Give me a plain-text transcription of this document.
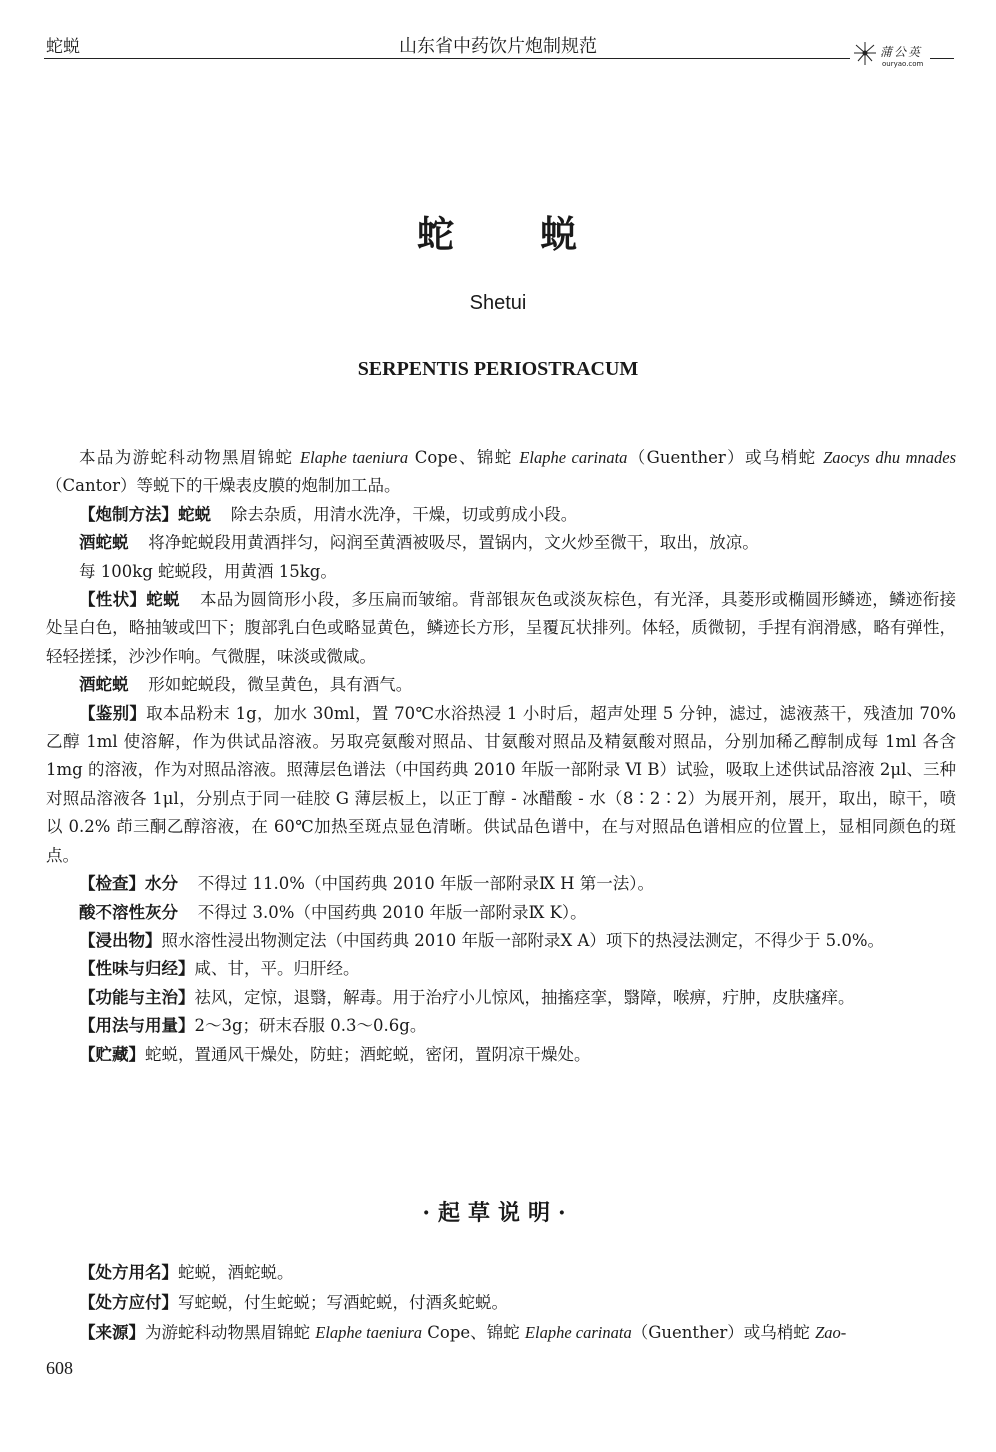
蛇蜕	山东省中药饮片炮制规范	蒲公英
ouryao.com
蛇 蜕
Shetui
SERPENTIS PERIOSTRACUM

本品为游蛇科动物黑眉锦蛇 Elaphe taeniura Cope、锦蛇 Elaphe carinata（Guenther）或乌梢蛇 Zaocys dhu mnades（Cantor）等蜕下的干燥表皮膜的炮制加工品。

【炮制方法】蛇蜕 除去杂质，用清水洗净，干燥，切或剪成小段。

酒蛇蜕 将净蛇蜕段用黄酒拌匀，闷润至黄酒被吸尽，置锅内，文火炒至微干，取出，放凉。

每 100kg 蛇蜕段，用黄酒 15kg。

【性状】蛇蜕 本品为圆筒形小段，多压扁而皱缩。背部银灰色或淡灰棕色，有光泽，具菱形或椭圆形鳞迹，鳞迹衔接处呈白色，略抽皱或凹下；腹部乳白色或略显黄色，鳞迹长方形，呈覆瓦状排列。体轻，质微韧，手捏有润滑感，略有弹性，轻轻搓揉，沙沙作响。气微腥，味淡或微咸。

酒蛇蜕 形如蛇蜕段，微呈黄色，具有酒气。

【鉴别】取本品粉末 1g，加水 30ml，置 70℃水浴热浸 1 小时后，超声处理 5 分钟，滤过，滤液蒸干，残渣加 70% 乙醇 1ml 使溶解，作为供试品溶液。另取亮氨酸对照品、甘氨酸对照品及精氨酸对照品，分别加稀乙醇制成每 1ml 各含 1mg 的溶液，作为对照品溶液。照薄层色谱法（中国药典 2010 年版一部附录 Ⅵ B）试验，吸取上述供试品溶液 2μl、三种对照品溶液各 1μl，分别点于同一硅胶 G 薄层板上，以正丁醇 - 冰醋酸 - 水（8∶2∶2）为展开剂，展开，取出，晾干，喷以 0.2% 茚三酮乙醇溶液，在 60℃加热至斑点显色清晰。供试品色谱中，在与对照品色谱相应的位置上，显相同颜色的斑点。

【检查】水分 不得过 11.0%（中国药典 2010 年版一部附录Ⅸ H 第一法）。

酸不溶性灰分 不得过 3.0%（中国药典 2010 年版一部附录Ⅸ K）。

【浸出物】照水溶性浸出物测定法（中国药典 2010 年版一部附录Ⅹ A）项下的热浸法测定，不得少于 5.0%。

【性味与归经】咸、甘，平。归肝经。

【功能与主治】祛风，定惊，退翳，解毒。用于治疗小儿惊风，抽搐痉挛，翳障，喉痹，疔肿，皮肤瘙痒。

【用法与用量】2～3g；研末吞服 0.3～0.6g。

【贮藏】蛇蜕，置通风干燥处，防蛀；酒蛇蜕，密闭，置阴凉干燥处。

·起草说明·

【处方用名】蛇蜕，酒蛇蜕。

【处方应付】写蛇蜕，付生蛇蜕；写酒蛇蜕，付酒炙蛇蜕。

【来源】为游蛇科动物黑眉锦蛇 Elaphe taeniura Cope、锦蛇 Elaphe carinata（Guenther）或乌梢蛇 Zao-

608
